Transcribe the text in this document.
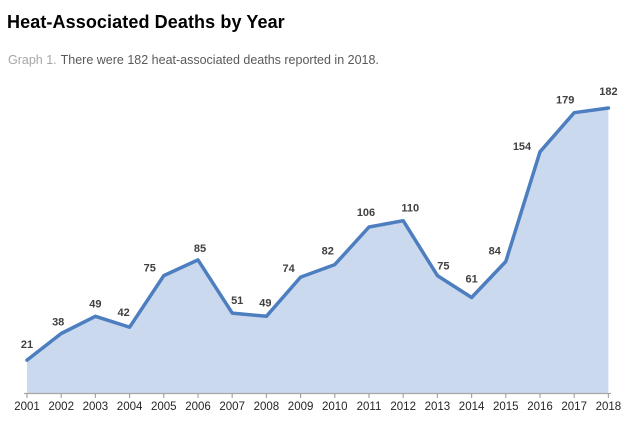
Heat-Associated Deaths by Year

Graph 1. There were 182 heat-associated deaths reported in 2018.

2001 2002 2003 2004 2005 2006 2007 2008 2009 2010 2011 2012 2013 2014 2015 2016 2017 2018
21
38
49
42
75
85
51 49
74
82
106 110
75
61
84
154
179
182
